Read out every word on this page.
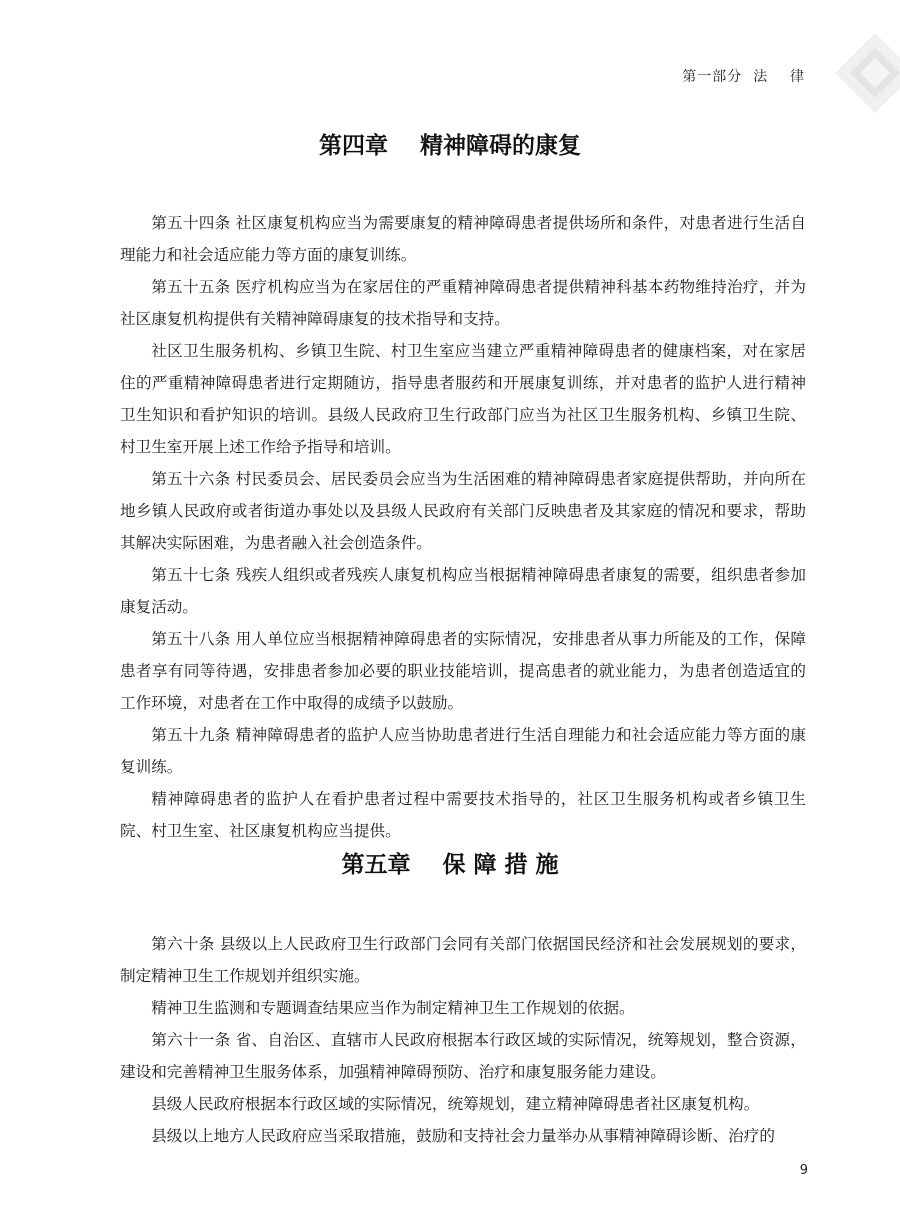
第一部分  法    律
第四章    精神障碍的康复

第五十四条 社区康复机构应当为需要康复的精神障碍患者提供场所和条件，对患者进行生活自理能力和社会适应能力等方面的康复训练。

第五十五条 医疗机构应当为在家居住的严重精神障碍患者提供精神科基本药物维持治疗，并为社区康复机构提供有关精神障碍康复的技术指导和支持。

社区卫生服务机构、乡镇卫生院、村卫生室应当建立严重精神障碍患者的健康档案，对在家居住的严重精神障碍患者进行定期随访，指导患者服药和开展康复训练，并对患者的监护人进行精神卫生知识和看护知识的培训。县级人民政府卫生行政部门应当为社区卫生服务机构、乡镇卫生院、村卫生室开展上述工作给予指导和培训。

第五十六条 村民委员会、居民委员会应当为生活困难的精神障碍患者家庭提供帮助，并向所在地乡镇人民政府或者街道办事处以及县级人民政府有关部门反映患者及其家庭的情况和要求，帮助其解决实际困难，为患者融入社会创造条件。

第五十七条 残疾人组织或者残疾人康复机构应当根据精神障碍患者康复的需要，组织患者参加康复活动。

第五十八条 用人单位应当根据精神障碍患者的实际情况，安排患者从事力所能及的工作，保障患者享有同等待遇，安排患者参加必要的职业技能培训，提高患者的就业能力，为患者创造适宜的工作环境，对患者在工作中取得的成绩予以鼓励。

第五十九条 精神障碍患者的监护人应当协助患者进行生活自理能力和社会适应能力等方面的康复训练。

精神障碍患者的监护人在看护患者过程中需要技术指导的，社区卫生服务机构或者乡镇卫生院、村卫生室、社区康复机构应当提供。

第五章    保 障 措 施

第六十条 县级以上人民政府卫生行政部门会同有关部门依据国民经济和社会发展规划的要求，制定精神卫生工作规划并组织实施。

精神卫生监测和专题调查结果应当作为制定精神卫生工作规划的依据。

第六十一条 省、自治区、直辖市人民政府根据本行政区域的实际情况，统筹规划，整合资源，建设和完善精神卫生服务体系，加强精神障碍预防、治疗和康复服务能力建设。

县级人民政府根据本行政区域的实际情况，统筹规划，建立精神障碍患者社区康复机构。

县级以上地方人民政府应当采取措施，鼓励和支持社会力量举办从事精神障碍诊断、治疗的

9
